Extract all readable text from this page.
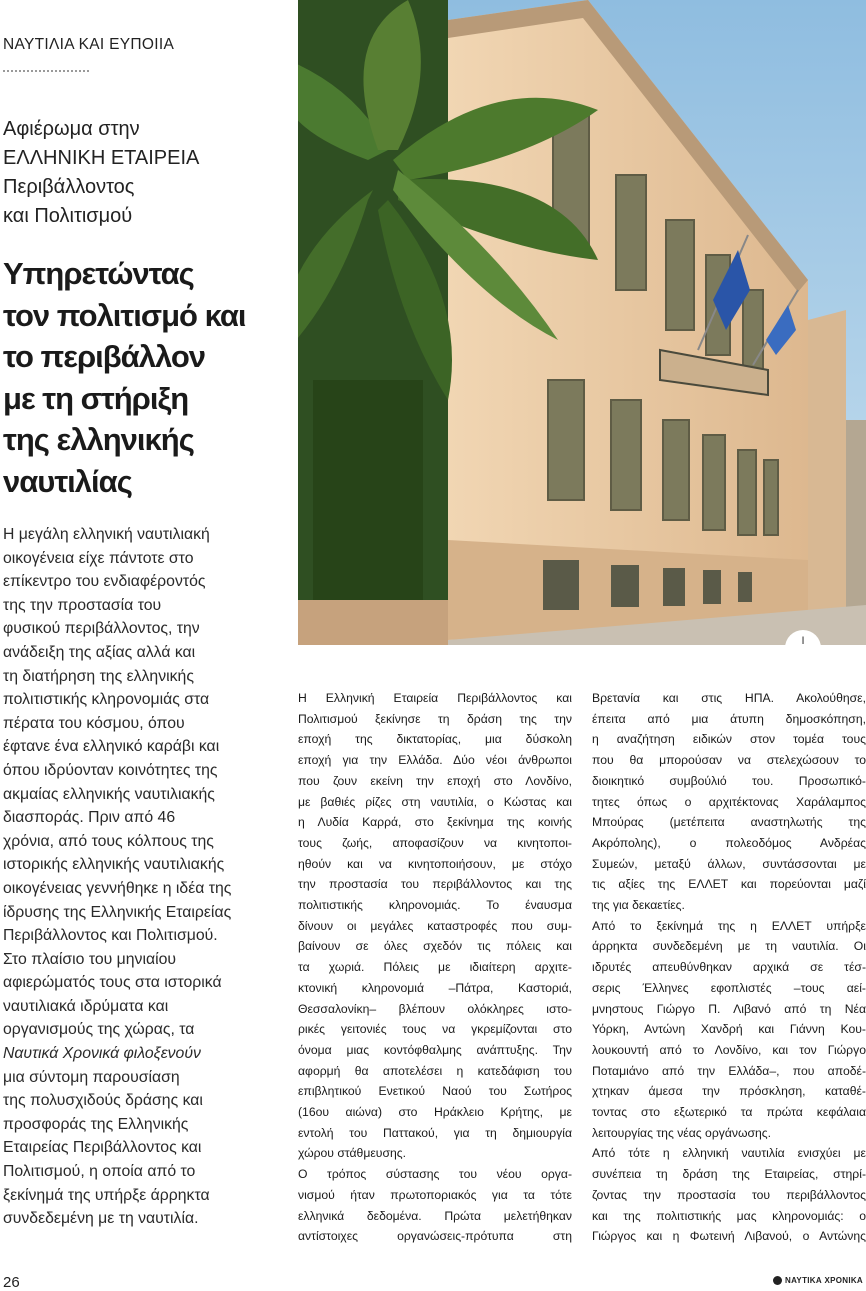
ΝΑΥΤΙΛΙΑ ΚΑΙ ΕΥΠΟΙΙΑ
Αφιέρωμα στην
ΕΛΛΗΝΙΚΗ ΕΤΑΙΡΕΙΑ
Περιβάλλοντος
και Πολιτισμού
Υπηρετώντας
τον πολιτισμό και
το περιβάλλον
με τη στήριξη
της ελληνικής
ναυτιλίας
Η μεγάλη ελληνική ναυτιλιακή
οικογένεια είχε πάντοτε στο
επίκεντρο του ενδιαφέροντός
της την προστασία του
φυσικού περιβάλλοντος, την
ανάδειξη της αξίας αλλά και
τη διατήρηση της ελληνικής
πολιτιστικής κληρονομιάς στα
πέρατα του κόσμου, όπου
έφτανε ένα ελληνικό καράβι και
όπου ιδρύονταν κοινότητες της
ακμαίας ελληνικής ναυτιλιακής
διασποράς. Πριν από 46
χρόνια, από τους κόλπους της
ιστορικής ελληνικής ναυτιλιακής
οικογένειας γεννήθηκε η ιδέα της
ίδρυσης της Ελληνικής Εταιρείας
Περιβάλλοντος και Πολιτισμού.
Στο πλαίσιο του μηνιαίου
αφιερώματός τους στα ιστορικά
ναυτιλιακά ιδρύματα και
οργανισμούς της χώρας, τα
Ναυτικά Χρονικά φιλοξενούν
μια σύντομη παρουσίαση
της πολυσχιδούς δράσης και
προσφοράς της Ελληνικής
Εταιρείας Περιβάλλοντος και
Πολιτισμού, η οποία από το
ξεκίνημά της υπήρξε άρρηκτα
συνδεδεμένη με τη ναυτιλία.
I
Η Ελληνική Εταιρεία Περιβάλλοντος και
Πολιτισμού ξεκίνησε τη δράση της την
εποχή της δικτατορίας, μια δύσκολη
εποχή για την Ελλάδα. Δύο νέοι άνθρωποι
που ζουν εκείνη την εποχή στο Λονδίνο,
με βαθιές ρίζες στη ναυτιλία, ο Κώστας και
η Λυδία Καρρά, στο ξεκίνημα της κοινής
τους ζωής, αποφασίζουν να κινητοποι-
ηθούν και να κινητοποιήσουν, με στόχο
την προστασία του περιβάλλοντος και της
πολιτιστικής κληρονομιάς. Το έναυσμα
δίνουν οι μεγάλες καταστροφές που συμ-
βαίνουν σε όλες σχεδόν τις πόλεις και
τα χωριά. Πόλεις με ιδιαίτερη αρχιτε-
κτονική κληρονομιά –Πάτρα, Καστοριά,
Θεσσαλονίκη– βλέπουν ολόκληρες ιστο-
ρικές γειτονιές τους να γκρεμίζονται στο
όνομα μιας κοντόφθαλμης ανάπτυξης. Την
αφορμή θα αποτελέσει η κατεδάφιση του
επιβλητικού Ενετικού Ναού του Σωτήρος
(16ου αιώνα) στο Ηράκλειο Κρήτης, με
εντολή του Παττακού, για τη δημιουργία
χώρου στάθμευσης.
Ο τρόπος σύστασης του νέου οργα-
νισμού ήταν πρωτοποριακός για τα τότε
ελληνικά δεδομένα. Πρώτα μελετήθηκαν
αντίστοιχες οργανώσεις-πρότυπα στη
Βρετανία και στις ΗΠΑ. Ακολούθησε,
έπειτα από μια άτυπη δημοσκόπηση,
η αναζήτηση ειδικών στον τομέα τους
που θα μπορούσαν να στελεχώσουν το
διοικητικό συμβούλιό του. Προσωπικό-
τητες όπως ο αρχιτέκτονας Χαράλαμπος
Μπούρας (μετέπειτα αναστηλωτής της
Ακρόπολης), ο πολεοδόμος Ανδρέας
Συμεών, μεταξύ άλλων, συντάσσονται με
τις αξίες της ΕΛΛΕΤ και πορεύονται μαζί
της για δεκαετίες.
Από το ξεκίνημά της η ΕΛΛΕΤ υπήρξε
άρρηκτα συνδεδεμένη με τη ναυτιλία. Οι
ιδρυτές απευθύνθηκαν αρχικά σε τέσ-
σερις Έλληνες εφοπλιστές –τους αεί-
μνηστους Γιώργο Π. Λιβανό από τη Νέα
Υόρκη, Αντώνη Χανδρή και Γιάννη Κου-
λουκουντή από το Λονδίνο, και τον Γιώργο
Ποταμιάνο από την Ελλάδα–, που αποδέ-
χτηκαν άμεσα την πρόσκληση, καταθέ-
τοντας στο εξωτερικό τα πρώτα κεφάλαια
λειτουργίας της νέας οργάνωσης.
Από τότε η ελληνική ναυτιλία ενισχύει με
συνέπεια τη δράση της Εταιρείας, στηρί-
ζοντας την προστασία του περιβάλλοντος
και της πολιτιστικής μας κληρονομιάς: ο
Γιώργος και η Φωτεινή Λιβανού, ο Αντώνης
26	ΝΑΥΤΙΚΑ ΧΡΟΝΙΚΑ
